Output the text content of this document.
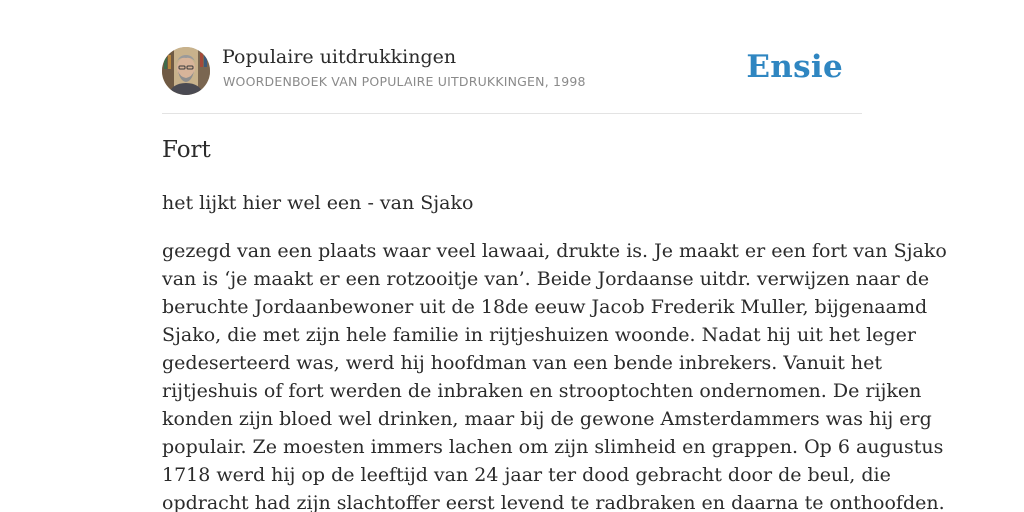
Populaire uitdrukkingen
WOORDENBOEK VAN POPULAIRE UITDRUKKINGEN, 1998	Ensie
Fort

het lijkt hier wel een - van Sjako

gezegd van een plaats waar veel lawaai, drukte is. Je maakt er een fort van Sjako
van is ‘je maakt er een rotzooitje van’. Beide Jordaanse uitdr. verwijzen naar de
beruchte Jordaanbewoner uit de 18de eeuw Jacob Frederik Muller, bijgenaamd
Sjako, die met zijn hele familie in rijtjeshuizen woonde. Nadat hij uit het leger
gedeserteerd was, werd hij hoofdman van een bende inbrekers. Vanuit het
rijtjeshuis of fort werden de inbraken en strooptochten ondernomen. De rijken
konden zijn bloed wel drinken, maar bij de gewone Amsterdammers was hij erg
populair. Ze moesten immers lachen om zijn slimheid en grappen. Op 6 augustus
1718 werd hij op de leeftijd van 24 jaar ter dood gebracht door de beul, die
opdracht had zijn slachtoffer eerst levend te radbraken en daarna te onthoofden.
